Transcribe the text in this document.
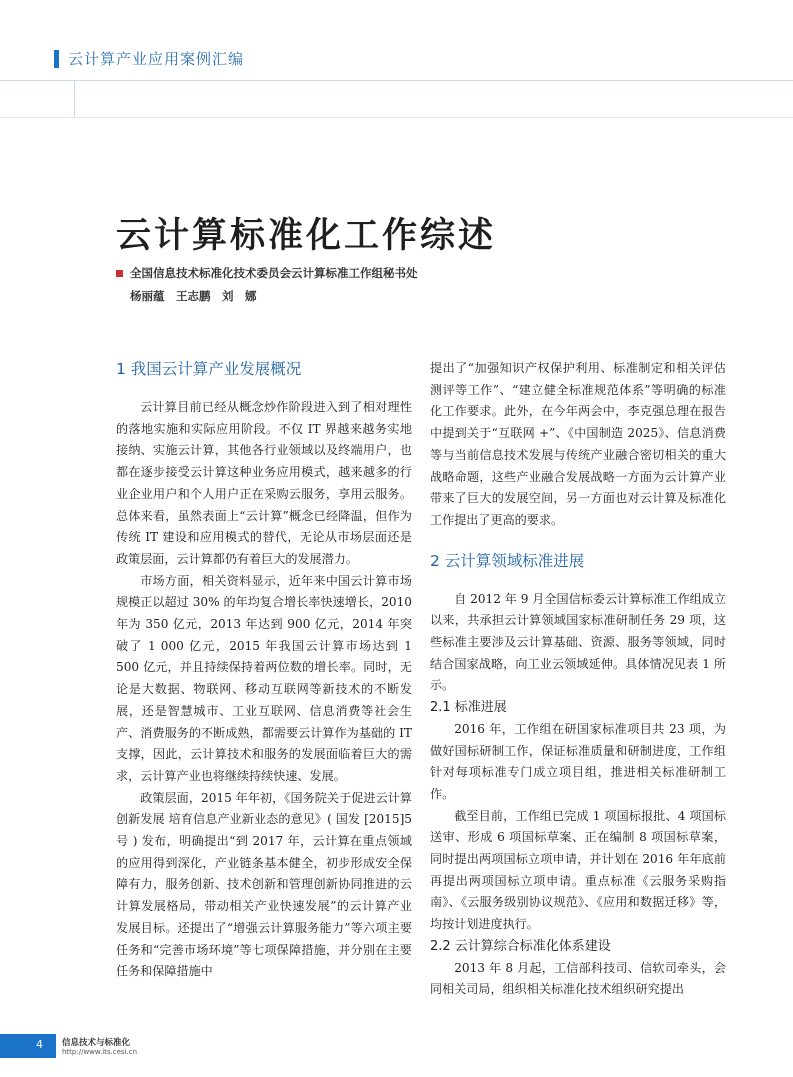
云计算产业应用案例汇编
云计算标准化工作综述
全国信息技术标准化技术委员会云计算标准工作组秘书处
杨丽蕴　王志鹏　刘　娜
1 我国云计算产业发展概况

云计算目前已经从概念炒作阶段进入到了相对理性的落地实施和实际应用阶段。不仅 IT 界越来越务实地接纳、实施云计算，其他各行业领域以及终端用户，也都在逐步接受云计算这种业务应用模式，越来越多的行业企业用户和个人用户正在采购云服务，享用云服务。总体来看，虽然表面上“云计算”概念已经降温，但作为传统 IT 建设和应用模式的替代，无论从市场层面还是政策层面，云计算都仍有着巨大的发展潜力。

市场方面，相关资料显示，近年来中国云计算市场规模正以超过 30% 的年均复合增长率快速增长，2010 年为 350 亿元，2013 年达到 900 亿元，2014 年突破了 1 000 亿元，2015 年我国云计算市场达到 1 500 亿元，并且持续保持着两位数的增长率。同时，无论是大数据、物联网、移动互联网等新技术的不断发展，还是智慧城市、工业互联网、信息消费等社会生产、消费服务的不断成熟，都需要云计算作为基础的 IT 支撑，因此，云计算技术和服务的发展面临着巨大的需求，云计算产业也将继续持续快速、发展。

政策层面，2015 年年初，《国务院关于促进云计算创新发展 培育信息产业新业态的意见》( 国发 [2015]5 号 ) 发布，明确提出“到 2017 年，云计算在重点领域的应用得到深化，产业链条基本健全，初步形成安全保障有力，服务创新、技术创新和管理创新协同推进的云计算发展格局，带动相关产业快速发展”的云计算产业发展目标。还提出了“增强云计算服务能力”等六项主要任务和“完善市场环境”等七项保障措施，并分别在主要任务和保障措施中

提出了“加强知识产权保护利用、标准制定和相关评估测评等工作”、“建立健全标准规范体系”等明确的标准化工作要求。此外，在今年两会中，李克强总理在报告中提到关于“互联网 +”、《中国制造 2025》、信息消费等与当前信息技术发展与传统产业融合密切相关的重大战略命题，这些产业融合发展战略一方面为云计算产业带来了巨大的发展空间，另一方面也对云计算及标准化工作提出了更高的要求。

2 云计算领域标准进展

自 2012 年 9 月全国信标委云计算标准工作组成立以来，共承担云计算领域国家标准研制任务 29 项，这些标准主要涉及云计算基础、资源、服务等领域，同时结合国家战略，向工业云领域延伸。具体情况见表 1 所示。

2.1 标准进展

2016 年，工作组在研国家标准项目共 23 项，为做好国标研制工作，保证标准质量和研制进度，工作组针对每项标准专门成立项目组，推进相关标准研制工作。

截至目前，工作组已完成 1 项国标报批、4 项国标送审、形成 6 项国标草案、正在编制 8 项国标草案，同时提出两项国标立项申请，并计划在 2016 年年底前再提出两项国标立项申请。重点标准《云服务采购指南》、《云服务级别协议规范》、《应用和数据迁移》等，均按计划进度执行。

2.2 云计算综合标准化体系建设

2013 年 8 月起，工信部科技司、信软司牵头，会同相关司局，组织相关标准化技术组织研究提出

4 信息技术与标准化
http://www.its.cesi.cn
